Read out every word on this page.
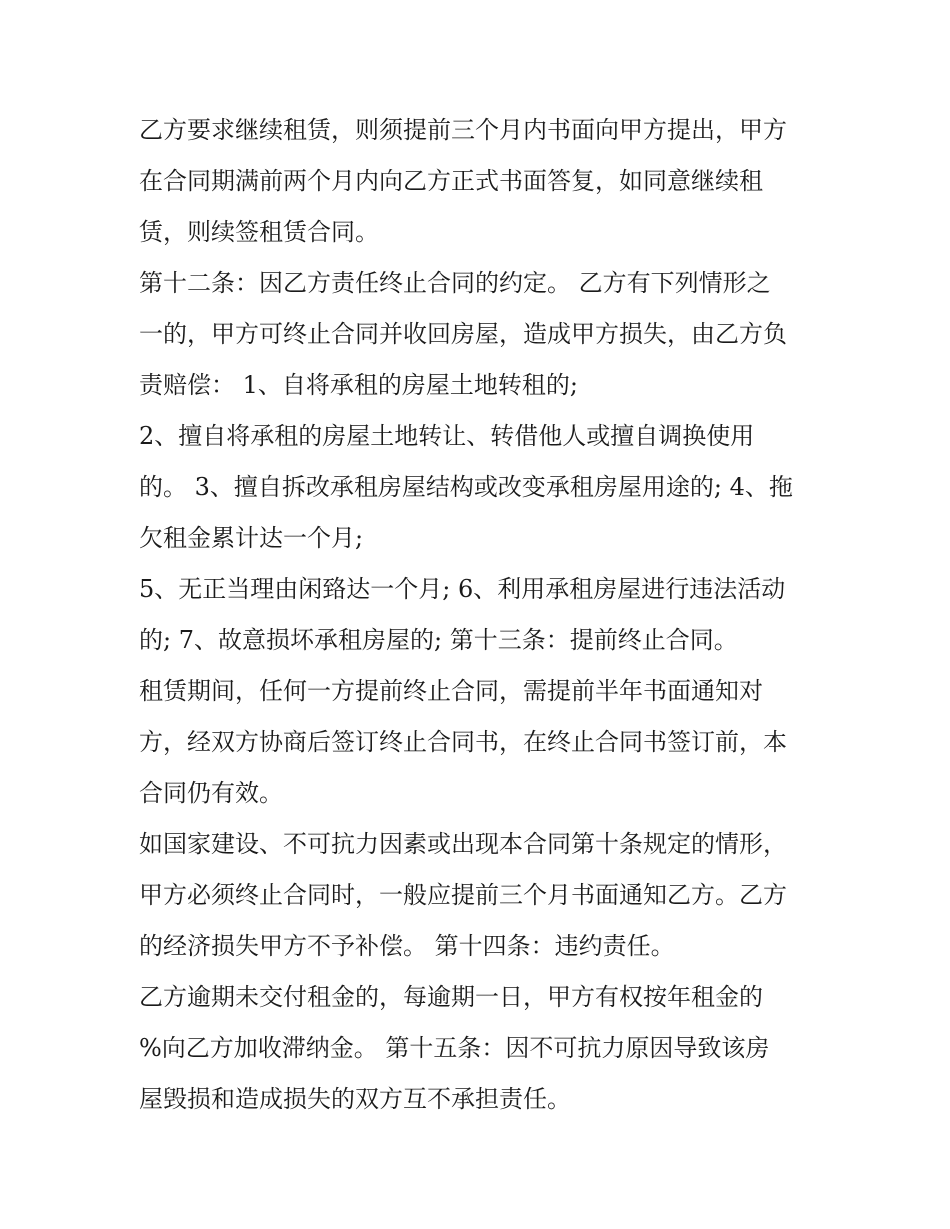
乙方要求继续租赁，则须提前三个月内书面向甲方提出，甲方
在合同期满前两个月内向乙方正式书面答复，如同意继续租
赁，则续签租赁合同。

第十二条：因乙方责任终止合同的约定。 乙方有下列情形之
一的，甲方可终止合同并收回房屋，造成甲方损失，由乙方负
责赔偿： 1、自将承租的房屋土地转租的;

2、擅自将承租的房屋土地转让、转借他人或擅自调换使用
的。 3、擅自拆改承租房屋结构或改变承租房屋用途的; 4、拖
欠租金累计达一个月;

5、无正当理由闲臵达一个月; 6、利用承租房屋进行违法活动
的; 7、故意损坏承租房屋的; 第十三条：提前终止合同。

租赁期间，任何一方提前终止合同，需提前半年书面通知对
方，经双方协商后签订终止合同书，在终止合同书签订前，本
合同仍有效。

如国家建设、不可抗力因素或出现本合同第十条规定的情形，
甲方必须终止合同时，一般应提前三个月书面通知乙方。乙方
的经济损失甲方不予补偿。 第十四条：违约责任。

乙方逾期未交付租金的，每逾期一日，甲方有权按年租金的
%向乙方加收滞纳金。 第十五条：因不可抗力原因导致该房
屋毁损和造成损失的双方互不承担责任。
